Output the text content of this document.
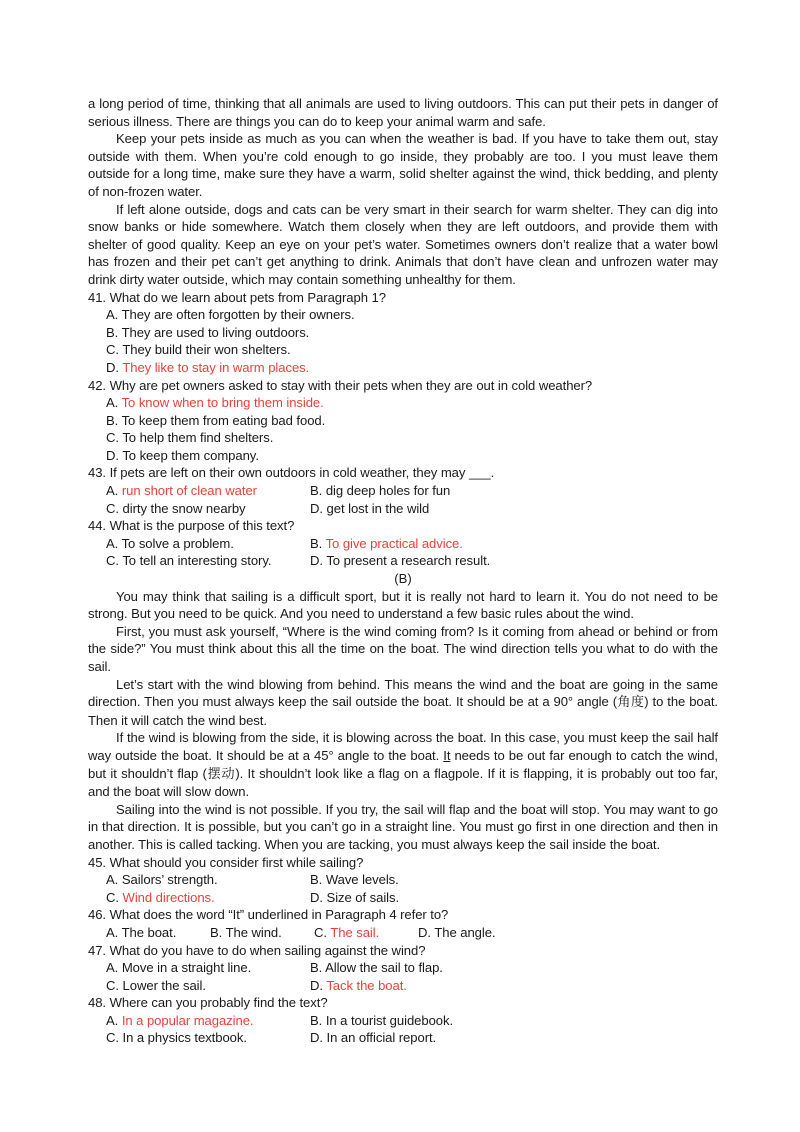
a long period of time, thinking that all animals are used to living outdoors. This can put their pets in danger of serious illness. There are things you can do to keep your animal warm and safe.

Keep your pets inside as much as you can when the weather is bad. If you have to take them out, stay outside with them. When you’re cold enough to go inside, they probably are too. I you must leave them outside for a long time, make sure they have a warm, solid shelter against the wind, thick bedding, and plenty of non-frozen water.

If left alone outside, dogs and cats can be very smart in their search for warm shelter. They can dig into snow banks or hide somewhere. Watch them closely when they are left outdoors, and provide them with shelter of good quality. Keep an eye on your pet’s water. Sometimes owners don’t realize that a water bowl has frozen and their pet can’t get anything to drink. Animals that don’t have clean and unfrozen water may drink dirty water outside, which may contain something unhealthy for them.

41. What do we learn about pets from Paragraph 1?

A. They are often forgotten by their owners.

B. They are used to living outdoors.

C. They build their won shelters.

D. They like to stay in warm places.

42. Why are pet owners asked to stay with their pets when they are out in cold weather?

A. To know when to bring them inside.

B. To keep them from eating bad food.

C. To help them find shelters.

D. To keep them company.

43. If pets are left on their own outdoors in cold weather, they may ___.

A. run short of clean water	B. dig deep holes for fun

C. dirty the snow nearby	D. get lost in the wild

44. What is the purpose of this text?

A. To solve a problem.	B. To give practical advice.

C. To tell an interesting story.	D. To present a research result.

(B)

You may think that sailing is a difficult sport, but it is really not hard to learn it. You do not need to be strong. But you need to be quick. And you need to understand a few basic rules about the wind.

First, you must ask yourself, “Where is the wind coming from? Is it coming from ahead or behind or from the side?” You must think about this all the time on the boat. The wind direction tells you what to do with the sail.

Let’s start with the wind blowing from behind. This means the wind and the boat are going in the same direction. Then you must always keep the sail outside the boat. It should be at a 90° angle (角度) to the boat. Then it will catch the wind best.

If the wind is blowing from the side, it is blowing across the boat. In this case, you must keep the sail half way outside the boat. It should be at a 45° angle to the boat. It needs to be out far enough to catch the wind, but it shouldn’t flap (摆动). It shouldn’t look like a flag on a flagpole. If it is flapping, it is probably out too far, and the boat will slow down.

Sailing into the wind is not possible. If you try, the sail will flap and the boat will stop. You may want to go in that direction. It is possible, but you can’t go in a straight line. You must go first in one direction and then in another. This is called tacking. When you are tacking, you must always keep the sail inside the boat.

45. What should you consider first while sailing?

A. Sailors’ strength.	B. Wave levels.

C. Wind directions.	D. Size of sails.

46. What does the word “It” underlined in Paragraph 4 refer to?

A. The boat.	B. The wind. C. The sail.	D. The angle.

47. What do you have to do when sailing against the wind?

A. Move in a straight line.	B. Allow the sail to flap.

C. Lower the sail.	D. Tack the boat.

48. Where can you probably find the text?

A. In a popular magazine.	B. In a tourist guidebook.

C. In a physics textbook.	D. In an official report.
